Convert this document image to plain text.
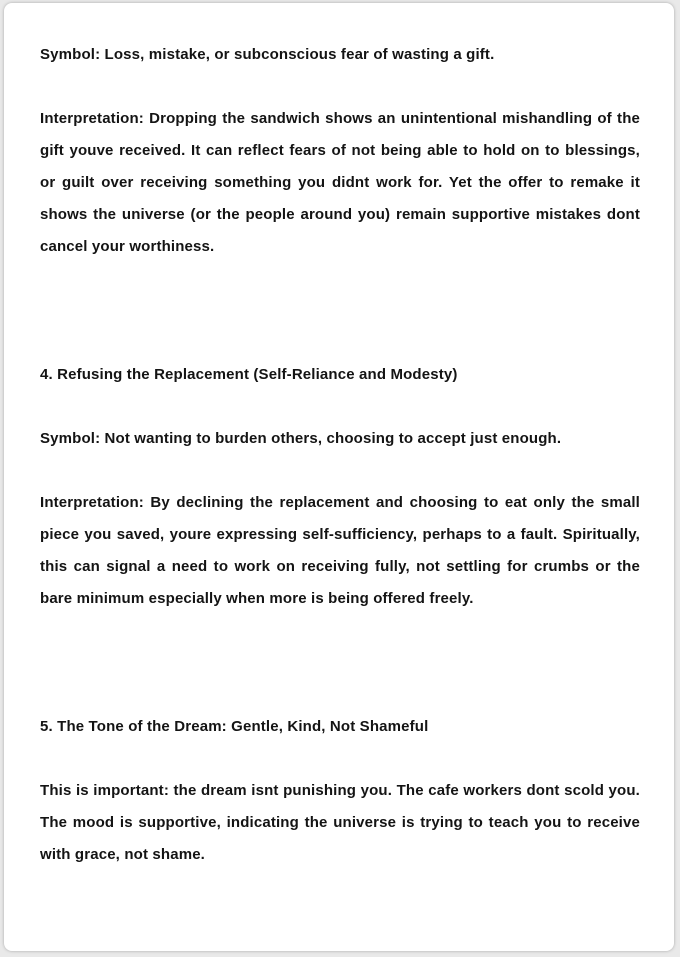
Symbol: Loss, mistake, or subconscious fear of wasting a gift.

Interpretation: Dropping the sandwich shows an unintentional mishandling of the gift youve received. It can reflect fears of not being able to hold on to blessings, or guilt over receiving something you didnt work for. Yet the offer to remake it shows the universe (or the people around you) remain supportive mistakes dont cancel your worthiness.

4. Refusing the Replacement (Self-Reliance and Modesty)

Symbol: Not wanting to burden others, choosing to accept just enough.

Interpretation: By declining the replacement and choosing to eat only the small piece you saved, youre expressing self-sufficiency, perhaps to a fault. Spiritually, this can signal a need to work on receiving fully, not settling for crumbs or the bare minimum especially when more is being offered freely.

5. The Tone of the Dream: Gentle, Kind, Not Shameful

This is important: the dream isnt punishing you. The cafe workers dont scold you. The mood is supportive, indicating the universe is trying to teach you to receive with grace, not shame.
